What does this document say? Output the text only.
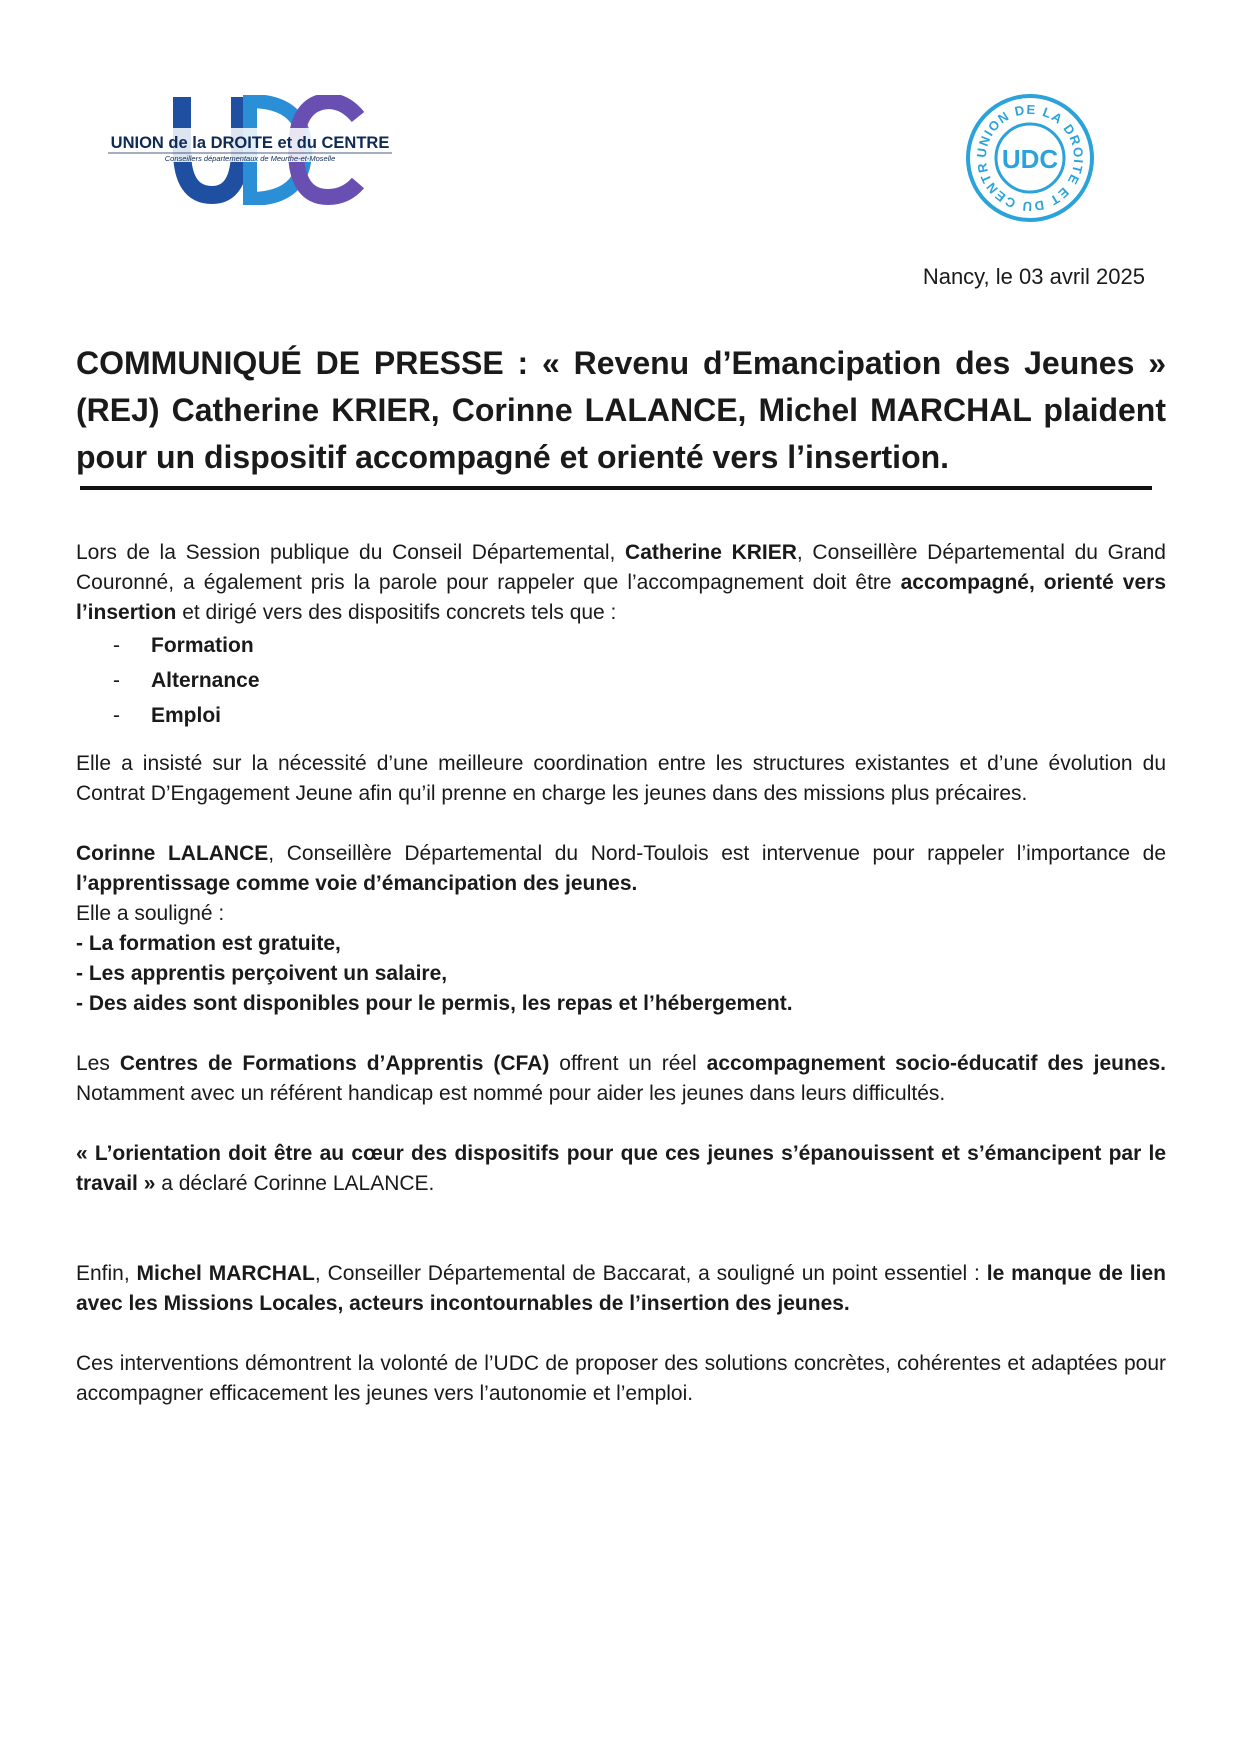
UNION de la DROITE et du CENTRE
Conseillers départementaux de Meurthe-et-Moselle
UNION DE LA DROITE ET DU CENTR UDC
Nancy, le 03 avril 2025
COMMUNIQUÉ DE PRESSE : « Revenu d’Emancipation des Jeunes » (REJ) Catherine KRIER, Corinne LALANCE, Michel MARCHAL plaident pour un dispositif accompagné et orienté vers l’insertion.

Lors de la Session publique du Conseil Départemental, Catherine KRIER, Conseillère Départemental du Grand Couronné, a également pris la parole pour rappeler que l’accompagnement doit être accompagné, orienté vers l’insertion et dirigé vers des dispositifs concrets tels que :

- Formation
- Alternance
- Emploi

Elle a insisté sur la nécessité d’une meilleure coordination entre les structures existantes et d’une évolution du Contrat D’Engagement Jeune afin qu’il prenne en charge les jeunes dans des missions plus précaires.

Corinne LALANCE, Conseillère Départemental du Nord-Toulois est intervenue pour rappeler l’importance de l’apprentissage comme voie d’émancipation des jeunes.

Elle a souligné :

- La formation est gratuite,
- Les apprentis perçoivent un salaire,
- Des aides sont disponibles pour le permis, les repas et l’hébergement.

Les Centres de Formations d’Apprentis (CFA) offrent un réel accompagnement socio-éducatif des jeunes. Notamment avec un référent handicap est nommé pour aider les jeunes dans leurs difficultés.

« L’orientation doit être au cœur des dispositifs pour que ces jeunes s’épanouissent et s’émancipent par le travail » a déclaré Corinne LALANCE.

Enfin, Michel MARCHAL, Conseiller Départemental de Baccarat, a souligné un point essentiel : le manque de lien avec les Missions Locales, acteurs incontournables de l’insertion des jeunes.

Ces interventions démontrent la volonté de l’UDC de proposer des solutions concrètes, cohérentes et adaptées pour accompagner efficacement les jeunes vers l’autonomie et l’emploi.
